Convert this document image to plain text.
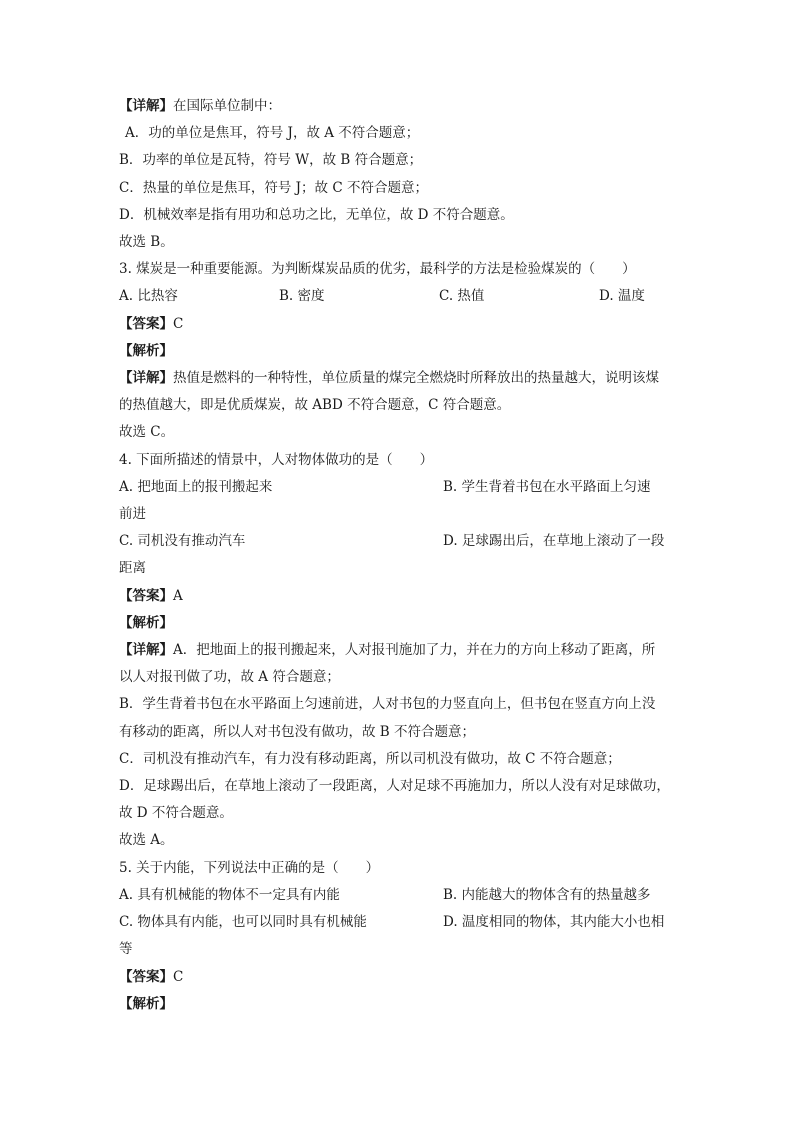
【详解】在国际单位制中：
A．功的单位是焦耳，符号 J，故 A 不符合题意；
B．功率的单位是瓦特，符号 W，故 B 符合题意；
C．热量的单位是焦耳，符号 J；故 C 不符合题意；
D．机械效率是指有用功和总功之比，无单位，故 D 不符合题意。
故选 B。
3. 煤炭是一种重要能源。为判断煤炭品质的优劣，最科学的方法是检验煤炭的（　　）
A. 比热容	B. 密度	C. 热值	D. 温度
【答案】C
【解析】
【详解】热值是燃料的一种特性，单位质量的煤完全燃烧时所释放出的热量越大，说明该煤
的热值越大，即是优质煤炭，故 ABD 不符合题意，C 符合题意。
故选 C。
4. 下面所描述的情景中，人对物体做功的是（　　）
A. 把地面上的报刊搬起来	B. 学生背着书包在水平路面上匀速
前进
C. 司机没有推动汽车	D. 足球踢出后，在草地上滚动了一段
距离
【答案】A
【解析】
【详解】A．把地面上的报刊搬起来，人对报刊施加了力，并在力的方向上移动了距离，所
以人对报刊做了功，故 A 符合题意；
B．学生背着书包在水平路面上匀速前进，人对书包的力竖直向上，但书包在竖直方向上没
有移动的距离，所以人对书包没有做功，故 B 不符合题意；
C．司机没有推动汽车，有力没有移动距离，所以司机没有做功，故 C 不符合题意；
D．足球踢出后，在草地上滚动了一段距离，人对足球不再施加力，所以人没有对足球做功，
故 D 不符合题意。
故选 A。
5. 关于内能，下列说法中正确的是（　　）
A. 具有机械能的物体不一定具有内能	B. 内能越大的物体含有的热量越多
C. 物体具有内能，也可以同时具有机械能	D. 温度相同的物体，其内能大小也相
等
【答案】C
【解析】
